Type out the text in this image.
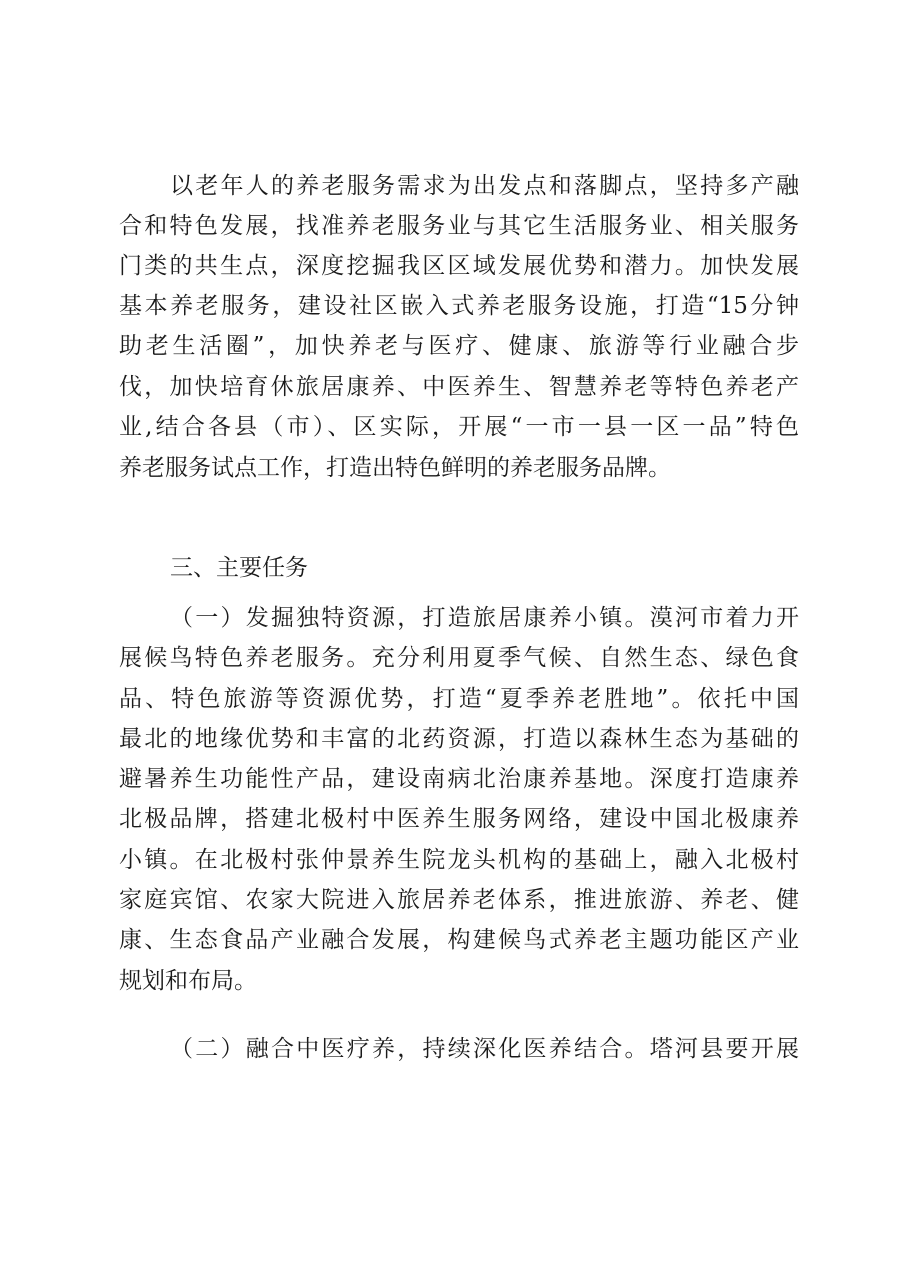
以老年人的养老服务需求为出发点和落脚点，坚持多产融
合和特色发展，找准养老服务业与其它生活服务业、相关服务
门类的共生点，深度挖掘我区区域发展优势和潜力。加快发展
基本养老服务，建设社区嵌入式养老服务设施，打造“15分钟
助老生活圈”，加快养老与医疗、健康、旅游等行业融合步
伐，加快培育休旅居康养、中医养生、智慧养老等特色养老产
业,结合各县（市）、区实际，开展“一市一县一区一品”特色
养老服务试点工作，打造出特色鲜明的养老服务品牌。
三、主要任务
（一）发掘独特资源，打造旅居康养小镇。漠河市着力开
展候鸟特色养老服务。充分利用夏季气候、自然生态、绿色食
品、特色旅游等资源优势，打造“夏季养老胜地”。依托中国
最北的地缘优势和丰富的北药资源，打造以森林生态为基础的
避暑养生功能性产品，建设南病北治康养基地。深度打造康养
北极品牌，搭建北极村中医养生服务网络，建设中国北极康养
小镇。在北极村张仲景养生院龙头机构的基础上，融入北极村
家庭宾馆、农家大院进入旅居养老体系，推进旅游、养老、健
康、生态食品产业融合发展，构建候鸟式养老主题功能区产业
规划和布局。
（二）融合中医疗养，持续深化医养结合。塔河县要开展
